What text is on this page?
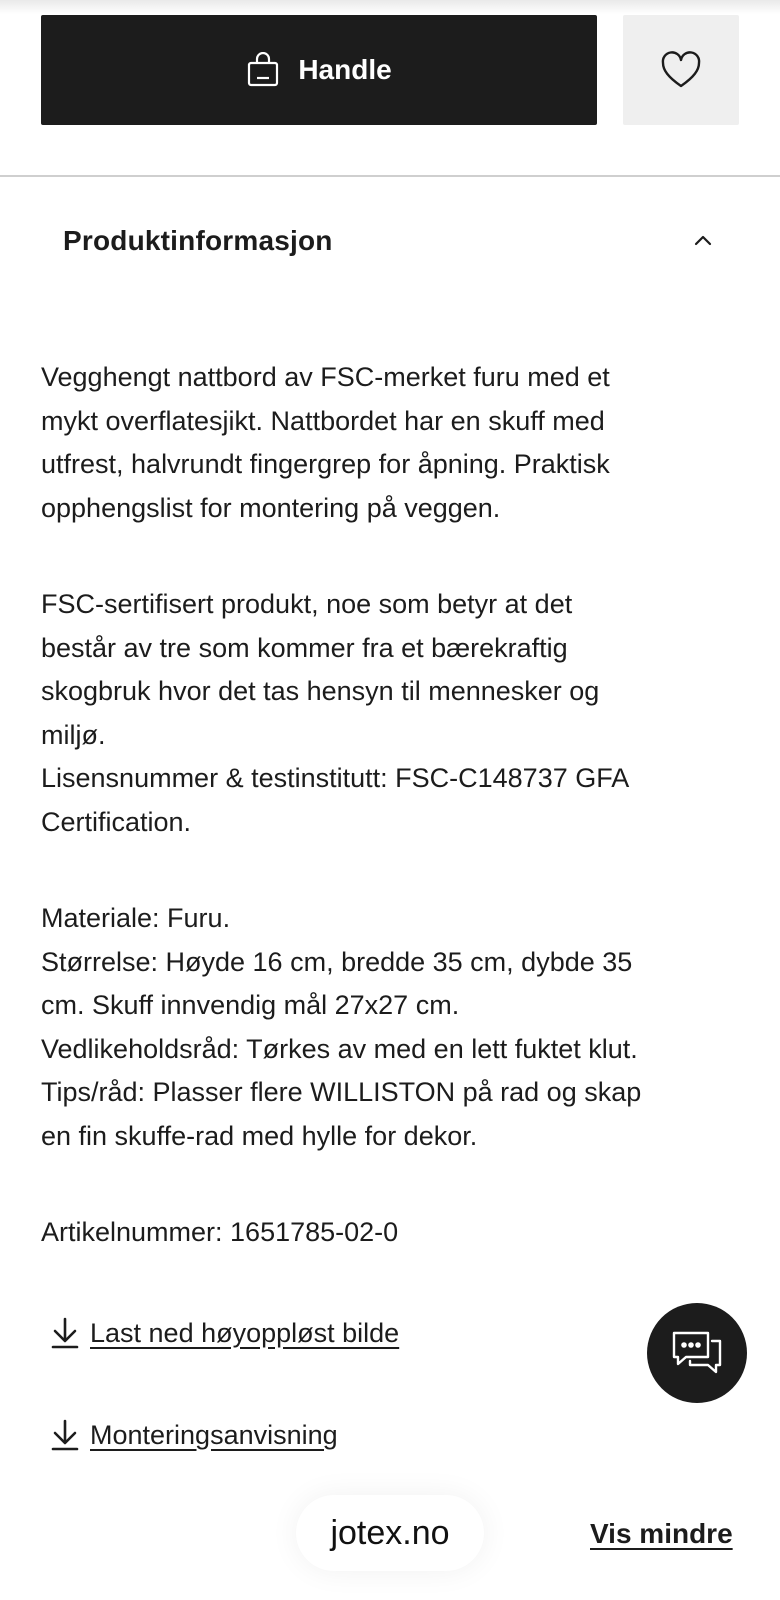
Handle
Produktinformasjon

Vegghengt nattbord av FSC-merket furu med et
mykt overflatesjikt. Nattbordet har en skuff med
utfrest, halvrundt fingergrep for åpning. Praktisk
opphengslist for montering på veggen.

FSC-sertifisert produkt, noe som betyr at det
består av tre som kommer fra et bærekraftig
skogbruk hvor det tas hensyn til mennesker og
miljø.
Lisensnummer & testinstitutt: FSC-C148737 GFA
Certification.

Materiale: Furu.
Størrelse: Høyde 16 cm, bredde 35 cm, dybde 35
cm. Skuff innvendig mål 27x27 cm.
Vedlikeholdsråd: Tørkes av med en lett fuktet klut.
Tips/råd: Plasser flere WILLISTON på rad og skap
en fin skuffe-rad med hylle for dekor.

Artikelnummer: 1651785-02-0

Last ned høyoppløst bilde
Monteringsanvisning
jotex.no	Vis mindre
